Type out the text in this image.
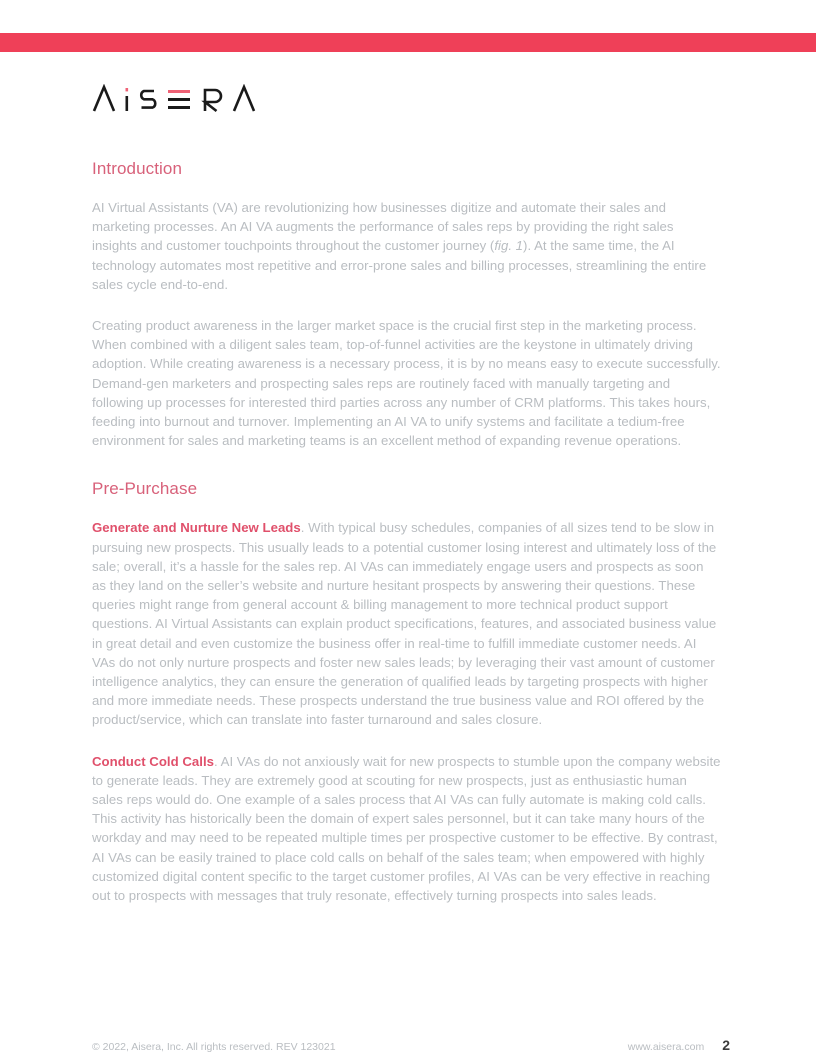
Introduction

AI Virtual Assistants (VA) are revolutionizing how businesses digitize and automate their sales and marketing processes. An AI VA augments the performance of sales reps by providing the right sales insights and customer touchpoints throughout the customer journey (fig. 1). At the same time, the AI technology automates most repetitive and error-prone sales and billing processes, streamlining the entire sales cycle end-to-end.

Creating product awareness in the larger market space is the crucial first step in the marketing process. When combined with a diligent sales team, top-of-funnel activities are the keystone in ultimately driving adoption. While creating awareness is a necessary process, it is by no means easy to execute successfully. Demand-gen marketers and prospecting sales reps are routinely faced with manually targeting and following up processes for interested third parties across any number of CRM platforms. This takes hours, feeding into burnout and turnover. Implementing an AI VA to unify systems and facilitate a tedium-free environment for sales and marketing teams is an excellent method of expanding revenue operations.

Pre-Purchase

Generate and Nurture New Leads. With typical busy schedules, companies of all sizes tend to be slow in pursuing new prospects. This usually leads to a potential customer losing interest and ultimately loss of the sale; overall, it’s a hassle for the sales rep. AI VAs can immediately engage users and prospects as soon as they land on the seller’s website and nurture hesitant prospects by answering their questions. These queries might range from general account & billing management to more technical product support questions. AI Virtual Assistants can explain product specifications, features, and associated business value in great detail and even customize the business offer in real-time to fulfill immediate customer needs. AI VAs do not only nurture prospects and foster new sales leads; by leveraging their vast amount of customer intelligence analytics, they can ensure the generation of qualified leads by targeting prospects with higher and more immediate needs. These prospects understand the true business value and ROI offered by the product/service, which can translate into faster turnaround and sales closure.

Conduct Cold Calls. AI VAs do not anxiously wait for new prospects to stumble upon the company website to generate leads. They are extremely good at scouting for new prospects, just as enthusiastic human sales reps would do. One example of a sales process that AI VAs can fully automate is making cold calls. This activity has historically been the domain of expert sales personnel, but it can take many hours of the workday and may need to be repeated multiple times per prospective customer to be effective. By contrast, AI VAs can be easily trained to place cold calls on behalf of the sales team; when empowered with highly customized digital content specific to the target customer profiles, AI VAs can be very effective in reaching out to prospects with messages that truly resonate, effectively turning prospects into sales leads.

© 2022, Aisera, Inc. All rights reserved. REV 123021	www.aisera.com 2
